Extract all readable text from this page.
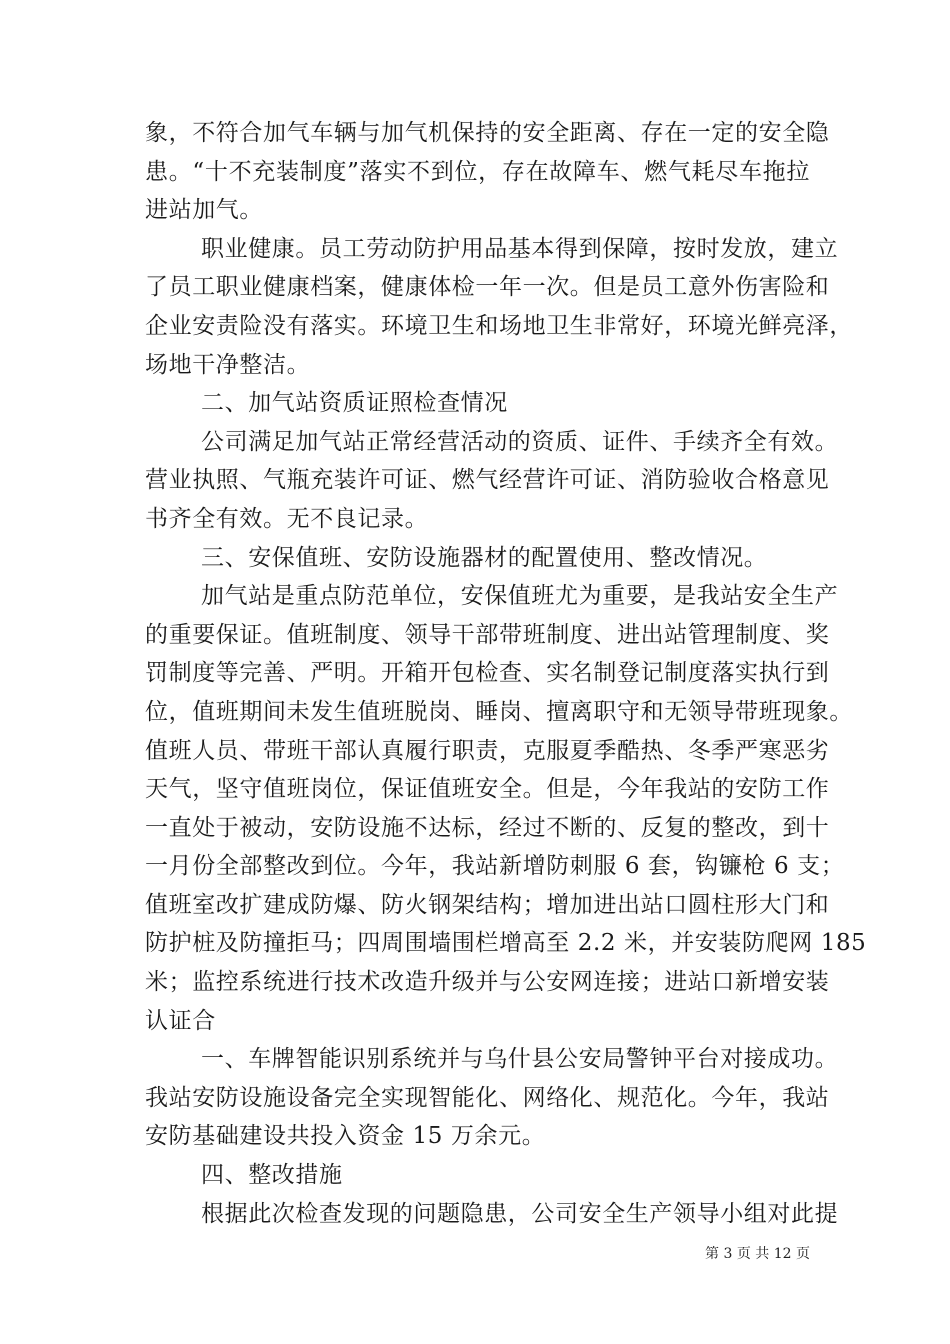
象，不符合加气车辆与加气机保持的安全距离、存在一定的安全隐
患。“十不充装制度”落实不到位，存在故障车、燃气耗尽车拖拉
进站加气。
职业健康。员工劳动防护用品基本得到保障，按时发放，建立
了员工职业健康档案，健康体检一年一次。但是员工意外伤害险和
企业安责险没有落实。环境卫生和场地卫生非常好，环境光鲜亮泽，
场地干净整洁。
二、加气站资质证照检查情况
公司满足加气站正常经营活动的资质、证件、手续齐全有效。
营业执照、气瓶充装许可证、燃气经营许可证、消防验收合格意见
书齐全有效。无不良记录。
三、安保值班、安防设施器材的配置使用、整改情况。
加气站是重点防范单位，安保值班尤为重要，是我站安全生产
的重要保证。值班制度、领导干部带班制度、进出站管理制度、奖
罚制度等完善、严明。开箱开包检查、实名制登记制度落实执行到
位，值班期间未发生值班脱岗、睡岗、擅离职守和无领导带班现象。
值班人员、带班干部认真履行职责，克服夏季酷热、冬季严寒恶劣
天气，坚守值班岗位，保证值班安全。但是，今年我站的安防工作
一直处于被动，安防设施不达标，经过不断的、反复的整改，到十
一月份全部整改到位。今年，我站新增防刺服 6 套，钩镰枪 6 支；
值班室改扩建成防爆、防火钢架结构；增加进出站口圆柱形大门和
防护桩及防撞拒马；四周围墙围栏增高至 2.2 米，并安装防爬网 185
米；监控系统进行技术改造升级并与公安网连接；进站口新增安装
认证合
一、车牌智能识别系统并与乌什县公安局警钟平台对接成功。
我站安防设施设备完全实现智能化、网络化、规范化。今年，我站
安防基础建设共投入资金 15 万余元。
四、整改措施
根据此次检查发现的问题隐患，公司安全生产领导小组对此提
第 3 页 共 12 页
